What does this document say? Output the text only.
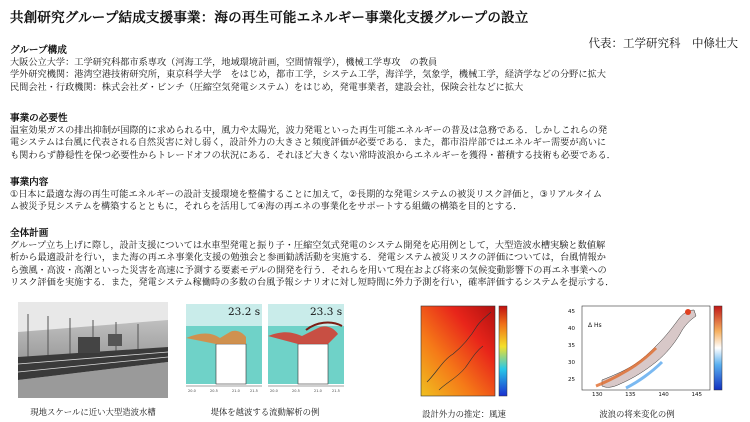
共創研究グループ結成支援事業：海の再生可能エネルギー事業化支援グループの設立
代表：工学研究科　中條壮大
グループ構成
大阪公立大学：工学研究科都市系専攻（河海工学，地域環境計画，空間情報学），機械工学専攻　の教員
学外研究機関：港湾空港技術研究所，東京科学大学　をはじめ，都市工学，システム工学，海洋学，気象学，機械工学，経済学などの分野に拡大
民間会社・行政機関：株式会社ダ・ビンチ（圧縮空気発電システム）をはじめ，発電事業者，建設会社，保険会社などに拡大
事業の必要性
温室効果ガスの排出抑制が国際的に求められる中，風力や太陽光，波力発電といった再生可能エネルギーの普及は急務である．しかしこれらの発
電システムは台風に代表される自然災害に対し弱く，設計外力の大きさと頻度評価が必要である．また，都市沿岸部ではエネルギー需要が高いに
も関わらず静穏性を保つ必要性からトレードオフの状況にある．それほど大きくない常時波浪からエネルギーを獲得・蓄積する技術も必要である．
事業内容
①日本に最適な海の再生可能エネルギーの設計支援環境を整備することに加えて，②長期的な発電システムの被災リスク評価と，③リアルタイム
ム被災予見システムを構築するとともに，それらを活用して④海の再エネの事業化をサポートする組織の構築を目的とする．
全体計画
グループ立ち上げに際し，設計支援については水車型発電と振り子・圧縮空気式発電のシステム開発を応用例として，大型造波水槽実験と数値解
析から最適設計を行い，また海の再エネ事業化支援の勉強会と参画勧誘活動を実施する．発電システム被災リスクの評価については，台風情報か
ら強風・高波・高潮といった災害を高速に予測する要素モデルの開発を行う．それらを用いて現在および将来の気候変動影響下の再エネ事業への
リスク評価を実施する．また，発電システム稼働時の多数の台風予報シナリオに対し短時間に外力予測を行い，確率評価するシステムを提示する．
現地スケールに近い大型造波水槽
20.0	20.5	21.0	21.5	20.0	20.5	21.0	21.5
23.2 s	23.3 s
堤体を越波する流動解析の例	設計外力の推定：風速
Δ Hs
45
40
35
30
25
130	135	140	145
波浪の将来変化の例
